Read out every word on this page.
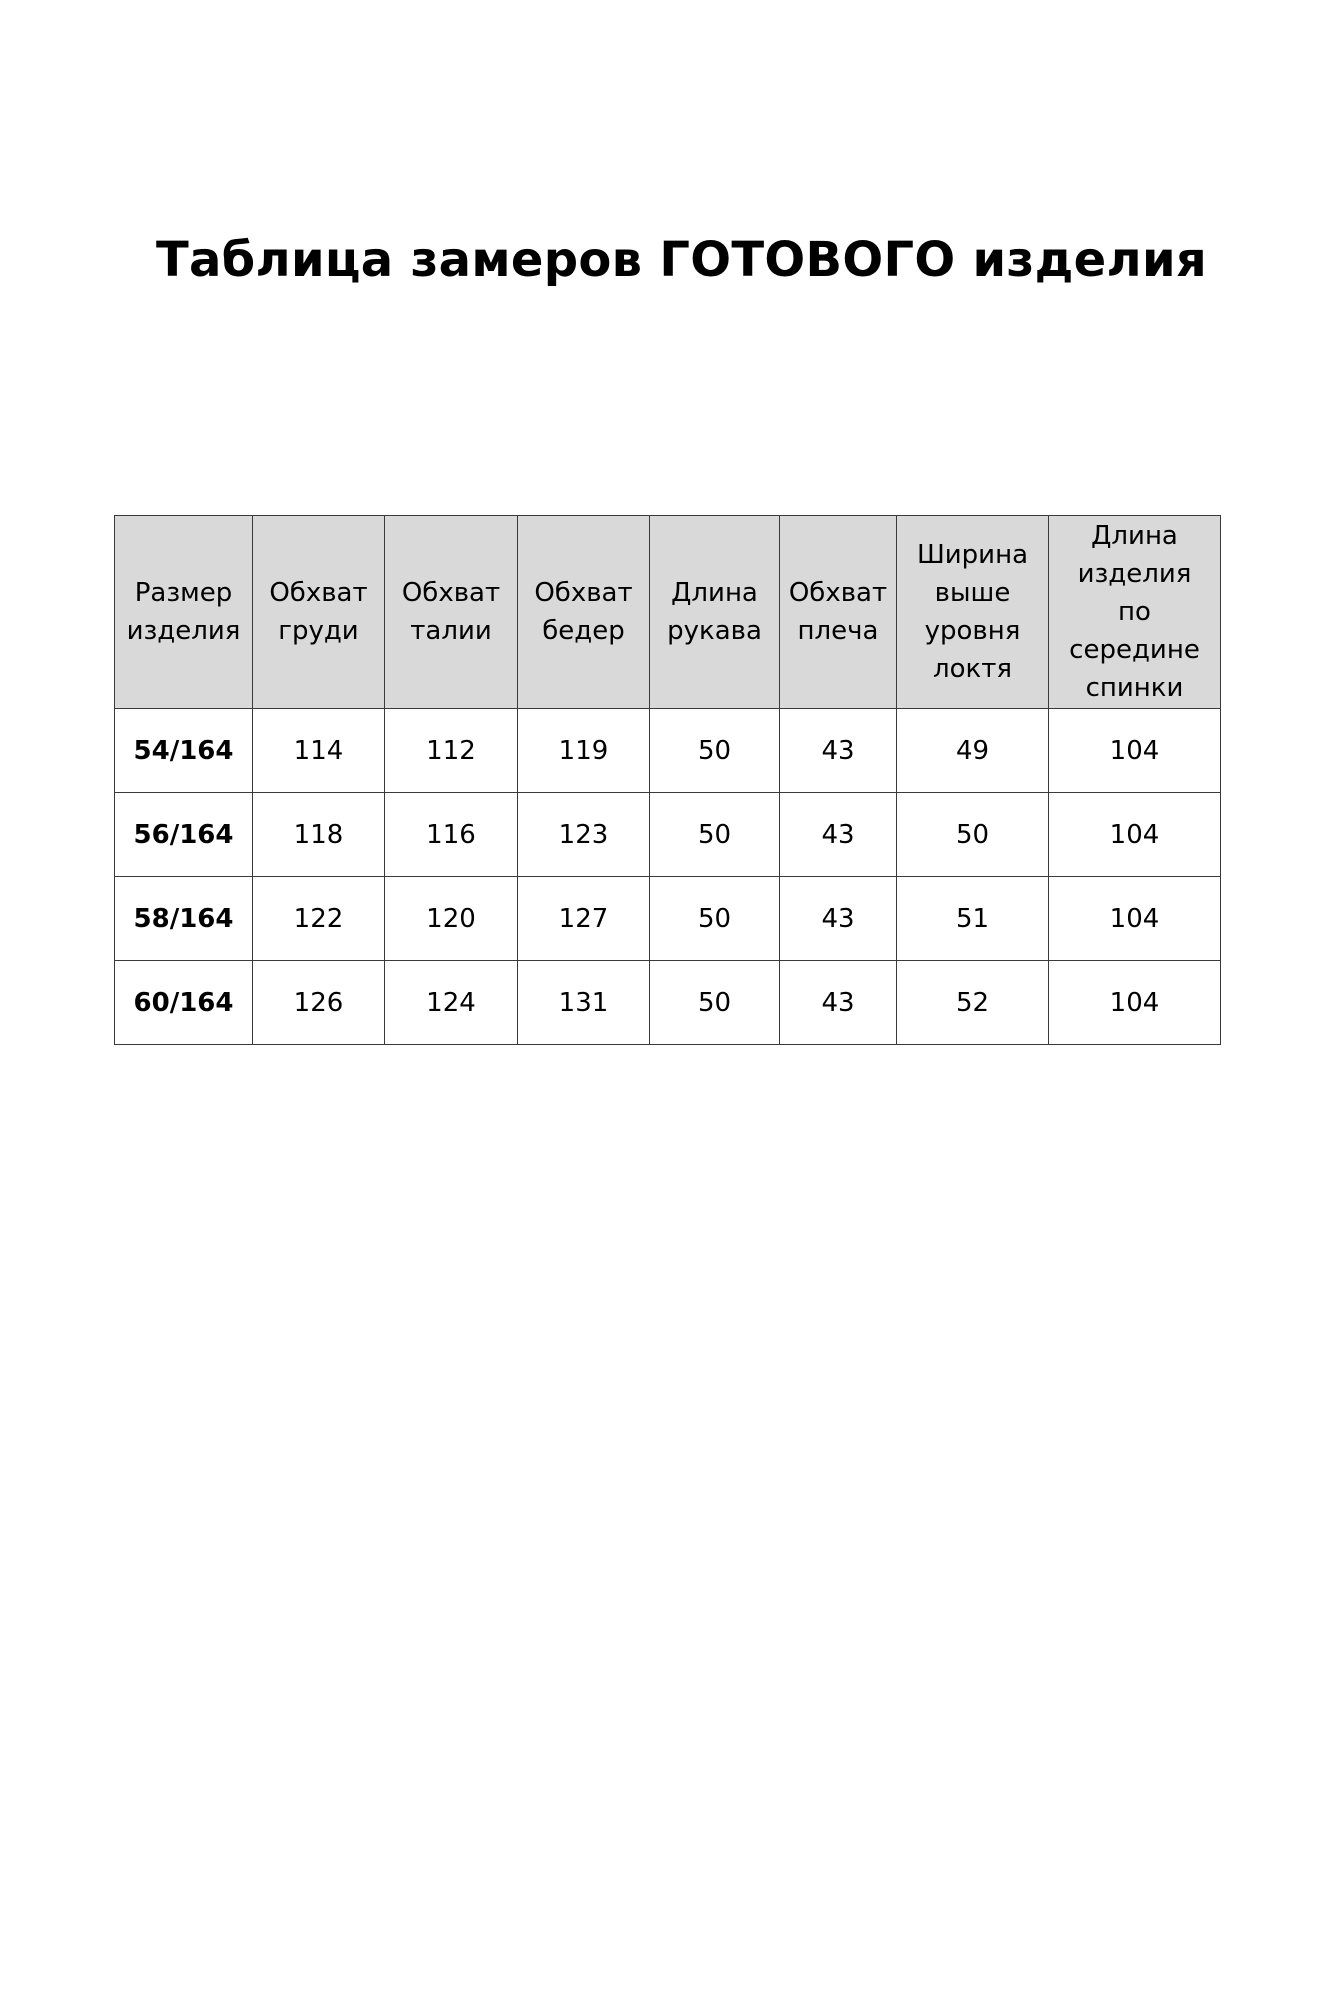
Таблица замеров ГОТОВОГО изделия
Размер
изделия	Обхват
груди	Обхват
талии	Обхват
бедер	Длина
рукава	Обхват
плеча	Ширина
выше
уровня
локтя	Длина
изделия
по
середине
спинки
54/164	114	112	119	50	43	49	104
56/164	118	116	123	50	43	50	104
58/164	122	120	127	50	43	51	104
60/164	126	124	131	50	43	52	104
